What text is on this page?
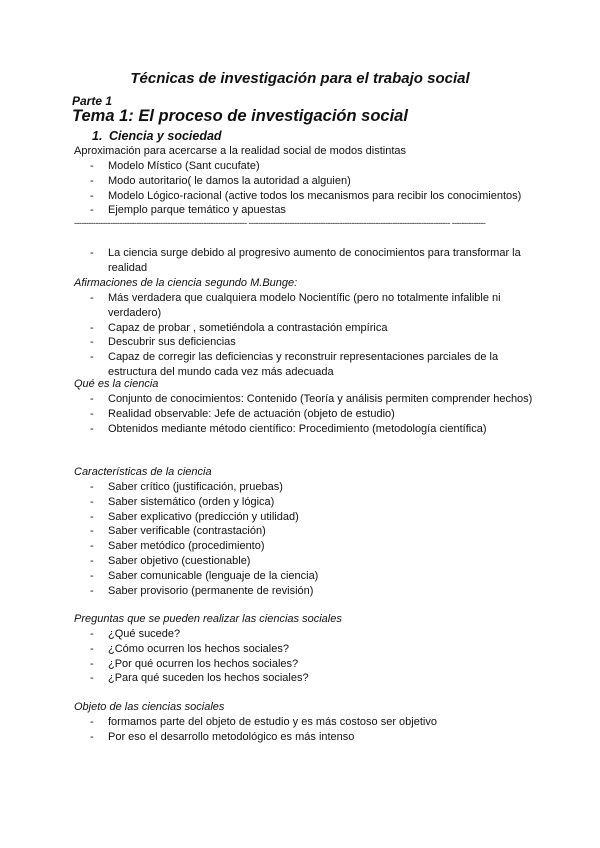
Técnicas de investigación para el trabajo social
Parte 1
Tema 1: El proceso de investigación social
1. Ciencia y sociedad
Aproximación para acercarse a la realidad social de modos distintas
- Modelo Místico (Sant cucufate)
- Modo autoritario( le damos la autoridad a alguien)
- Modelo Lógico-racional (active todos los mecanismos para recibir los conocimientos)
- Ejemplo parque temático y apuestas
------------------------------------------------------------------------ ------------------------------------------------------------------------------------ --------------
- La ciencia surge debido al progresivo aumento de conocimientos para transformar la realidad
Afirmaciones de la ciencia segundo M.Bunge:
- Más verdadera que cualquiera modelo Nocientífic (pero no totalmente infalible ni verdadero)
- Capaz de probar , sometiéndola a contrastación empírica
- Descubrir sus deficiencias
- Capaz de corregir las deficiencias y reconstruir representaciones parciales de la estructura del mundo cada vez más adecuada
Qué es la ciencia
- Conjunto de conocimientos: Contenido (Teoría y análisis permiten comprender hechos)
- Realidad observable: Jefe de actuación (objeto de estudio)
- Obtenidos mediante método científico: Procedimiento (metodología científica)
Características de la ciencia
- Saber crítico (justificación, pruebas)
- Saber sistemático (orden y lógica)
- Saber explicativo (predicción y utilidad)
- Saber verificable (contrastación)
- Saber metódico (procedimiento)
- Saber objetivo (cuestionable)
- Saber comunicable (lenguaje de la ciencia)
- Saber provisorio (permanente de revisión)
Preguntas que se pueden realizar las ciencias sociales
- ¿Qué sucede?
- ¿Cómo ocurren los hechos sociales?
- ¿Por qué ocurren los hechos sociales?
- ¿Para qué suceden los hechos sociales?
Objeto de las ciencias sociales
- formamos parte del objeto de estudio y es más costoso ser objetivo
- Por eso el desarrollo metodológico es más intenso
